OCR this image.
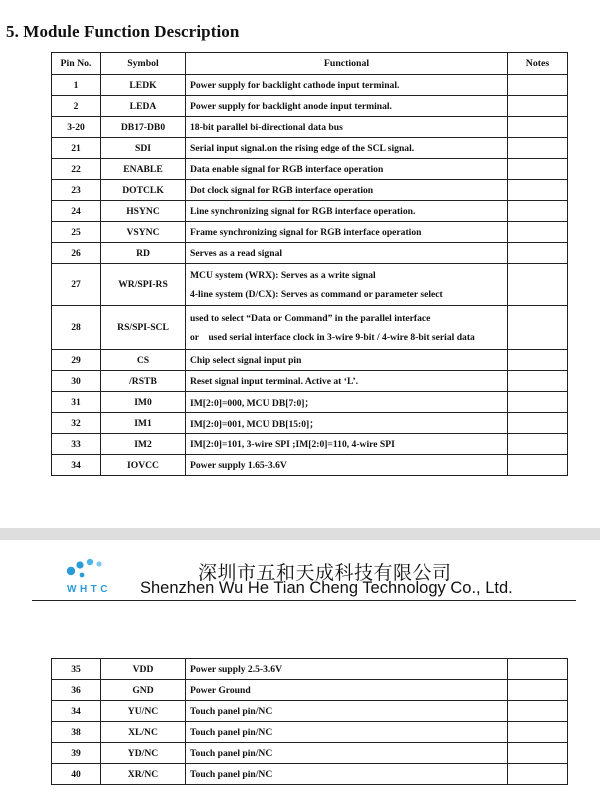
5. Module Function Description
Pin No.	Symbol	Functional	Notes
1	LEDK	Power supply for backlight cathode input terminal.	

2	LEDA	Power supply for backlight anode input terminal.	

3-20	DB17-DB0	18-bit parallel bi-directional data bus	

21	SDI	Serial input signal.on the rising edge of the SCL signal.	

22	ENABLE	Data enable signal for RGB interface operation	

23	DOTCLK	Dot clock signal for RGB interface operation	

24	HSYNC	Line synchronizing signal for RGB interface operation.	

25	VSYNC	Frame synchronizing signal for RGB interface operation	

26	RD	Serves as a read signal	

27	WR/SPI-RS	MCU system (WRX): Serves as a write signal
4-line system (D/CX): Serves as command or parameter select	

28	RS/SPI-SCL	used to select “Data or Command” in the parallel interface
or    used serial interface clock in 3-wire 9-bit / 4-wire 8-bit serial data	

29	CS	Chip select signal input pin	

30	/RSTB	Reset signal input terminal. Active at ‘L’.	

31	IM0	IM[2:0]=000, MCU DB[7:0]；	

32	IM1	IM[2:0]=001, MCU DB[15:0]；	

33	IM2	IM[2:0]=101, 3-wire SPI ;IM[2:0]=110, 4-wire SPI	

34	IOVCC	Power supply 1.65-3.6V	

WHTC
深圳市五和天成科技有限公司
Shenzhen Wu He Tian Cheng Technology Co., Ltd.
35	VDD	Power supply 2.5-3.6V	

36	GND	Power Ground	

34	YU/NC	Touch panel pin/NC	

38	XL/NC	Touch panel pin/NC	

39	YD/NC	Touch panel pin/NC	

40	XR/NC	Touch panel pin/NC	
